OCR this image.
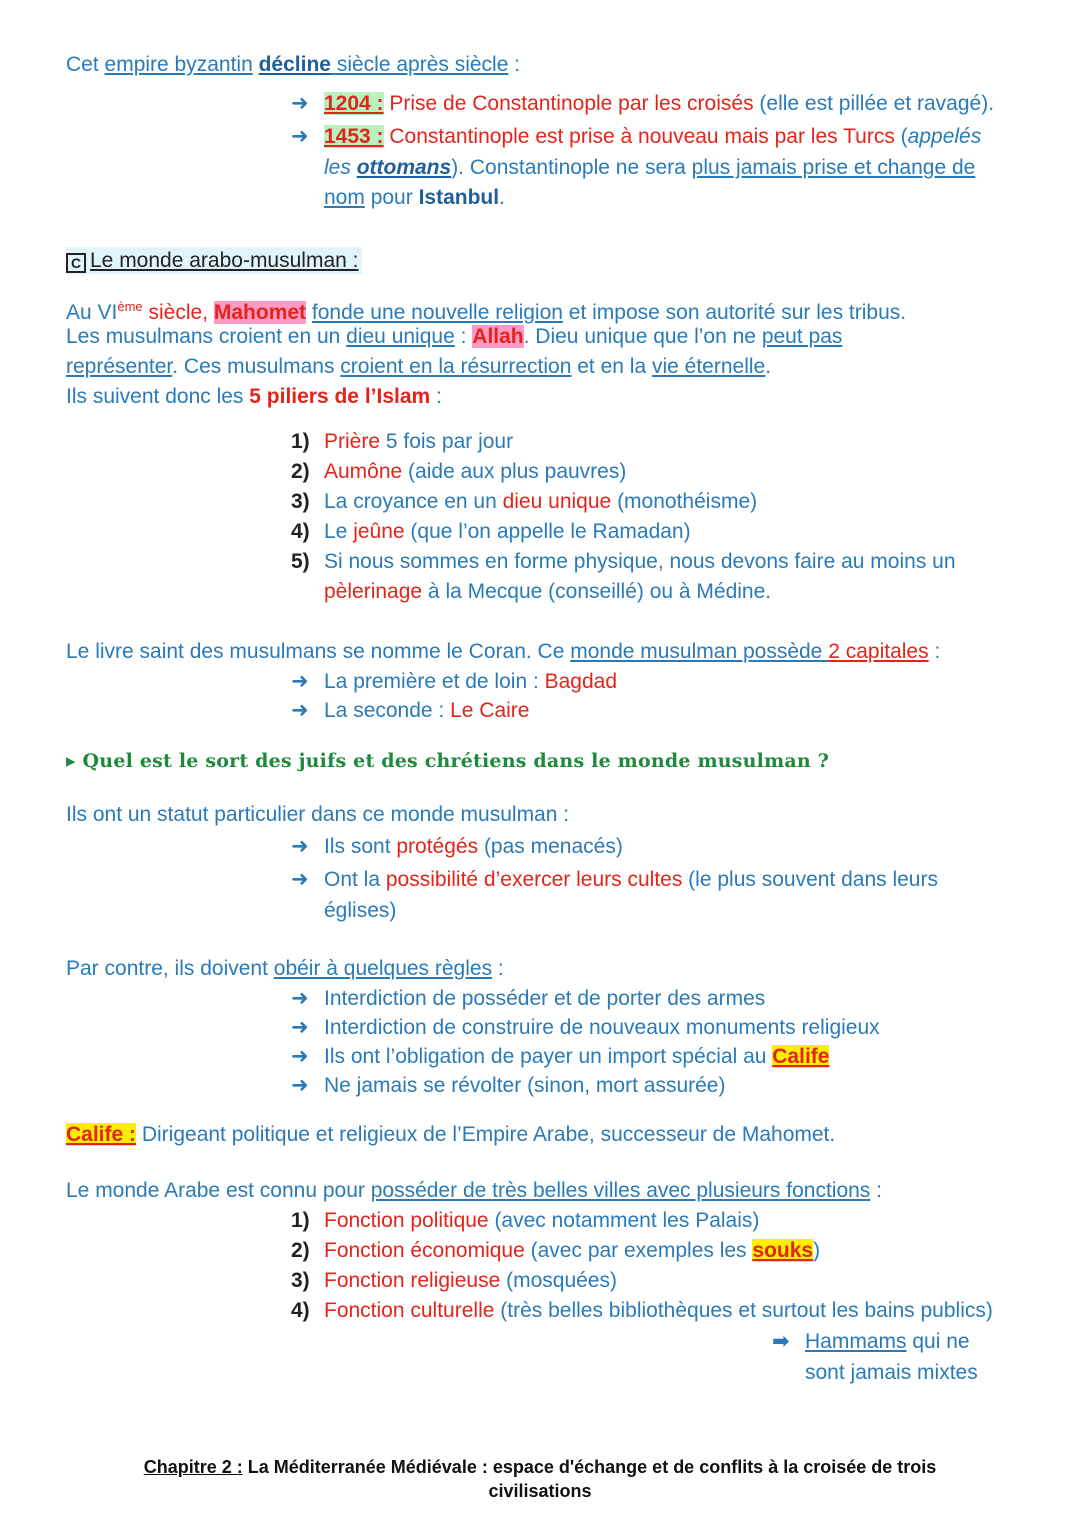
Cet empire byzantin décline siècle après siècle :
➜ 1204 : Prise de Constantinople par les croisés (elle est pillée et ravagé).
➜ 1453 : Constantinople est prise à nouveau mais par les Turcs (appelés
les ottomans). Constantinople ne sera plus jamais prise et change de
nom pour Istanbul.
C Le monde arabo-musulman :
Au VIème siècle, Mahomet fonde une nouvelle religion et impose son autorité sur les tribus.
Les musulmans croient en un dieu unique : Allah. Dieu unique que l’on ne peut pas
représenter. Ces musulmans croient en la résurrection et en la vie éternelle.
Ils suivent donc les 5 piliers de l’Islam :
1) Prière 5 fois par jour
2) Aumône (aide aux plus pauvres)
3) La croyance en un dieu unique (monothéisme)
4) Le jeûne (que l’on appelle le Ramadan)
5) Si nous sommes en forme physique, nous devons faire au moins un
pèlerinage à la Mecque (conseillé) ou à Médine.
Le livre saint des musulmans se nomme le Coran. Ce monde musulman possède 2 capitales :
➜ La première et de loin : Bagdad
➜ La seconde : Le Caire
▸ Quel est le sort des juifs et des chrétiens dans le monde musulman ?
Ils ont un statut particulier dans ce monde musulman :
➜ Ils sont protégés (pas menacés)
➜ Ont la possibilité d’exercer leurs cultes (le plus souvent dans leurs
églises)
Par contre, ils doivent obéir à quelques règles :
➜ Interdiction de posséder et de porter des armes
➜ Interdiction de construire de nouveaux monuments religieux
➜ Ils ont l’obligation de payer un import spécial au Calife
➜ Ne jamais se révolter (sinon, mort assurée)
Calife : Dirigeant politique et religieux de l’Empire Arabe, successeur de Mahomet.
Le monde Arabe est connu pour posséder de très belles villes avec plusieurs fonctions :
1) Fonction politique (avec notamment les Palais)
2) Fonction économique (avec par exemples les souks)
3) Fonction religieuse (mosquées)
4) Fonction culturelle (très belles bibliothèques et surtout les bains publics)
➡ Hammams qui ne
sont jamais mixtes
Chapitre 2 : La Méditerranée Médiévale : espace d'échange et de conflits à la croisée de trois
civilisations
